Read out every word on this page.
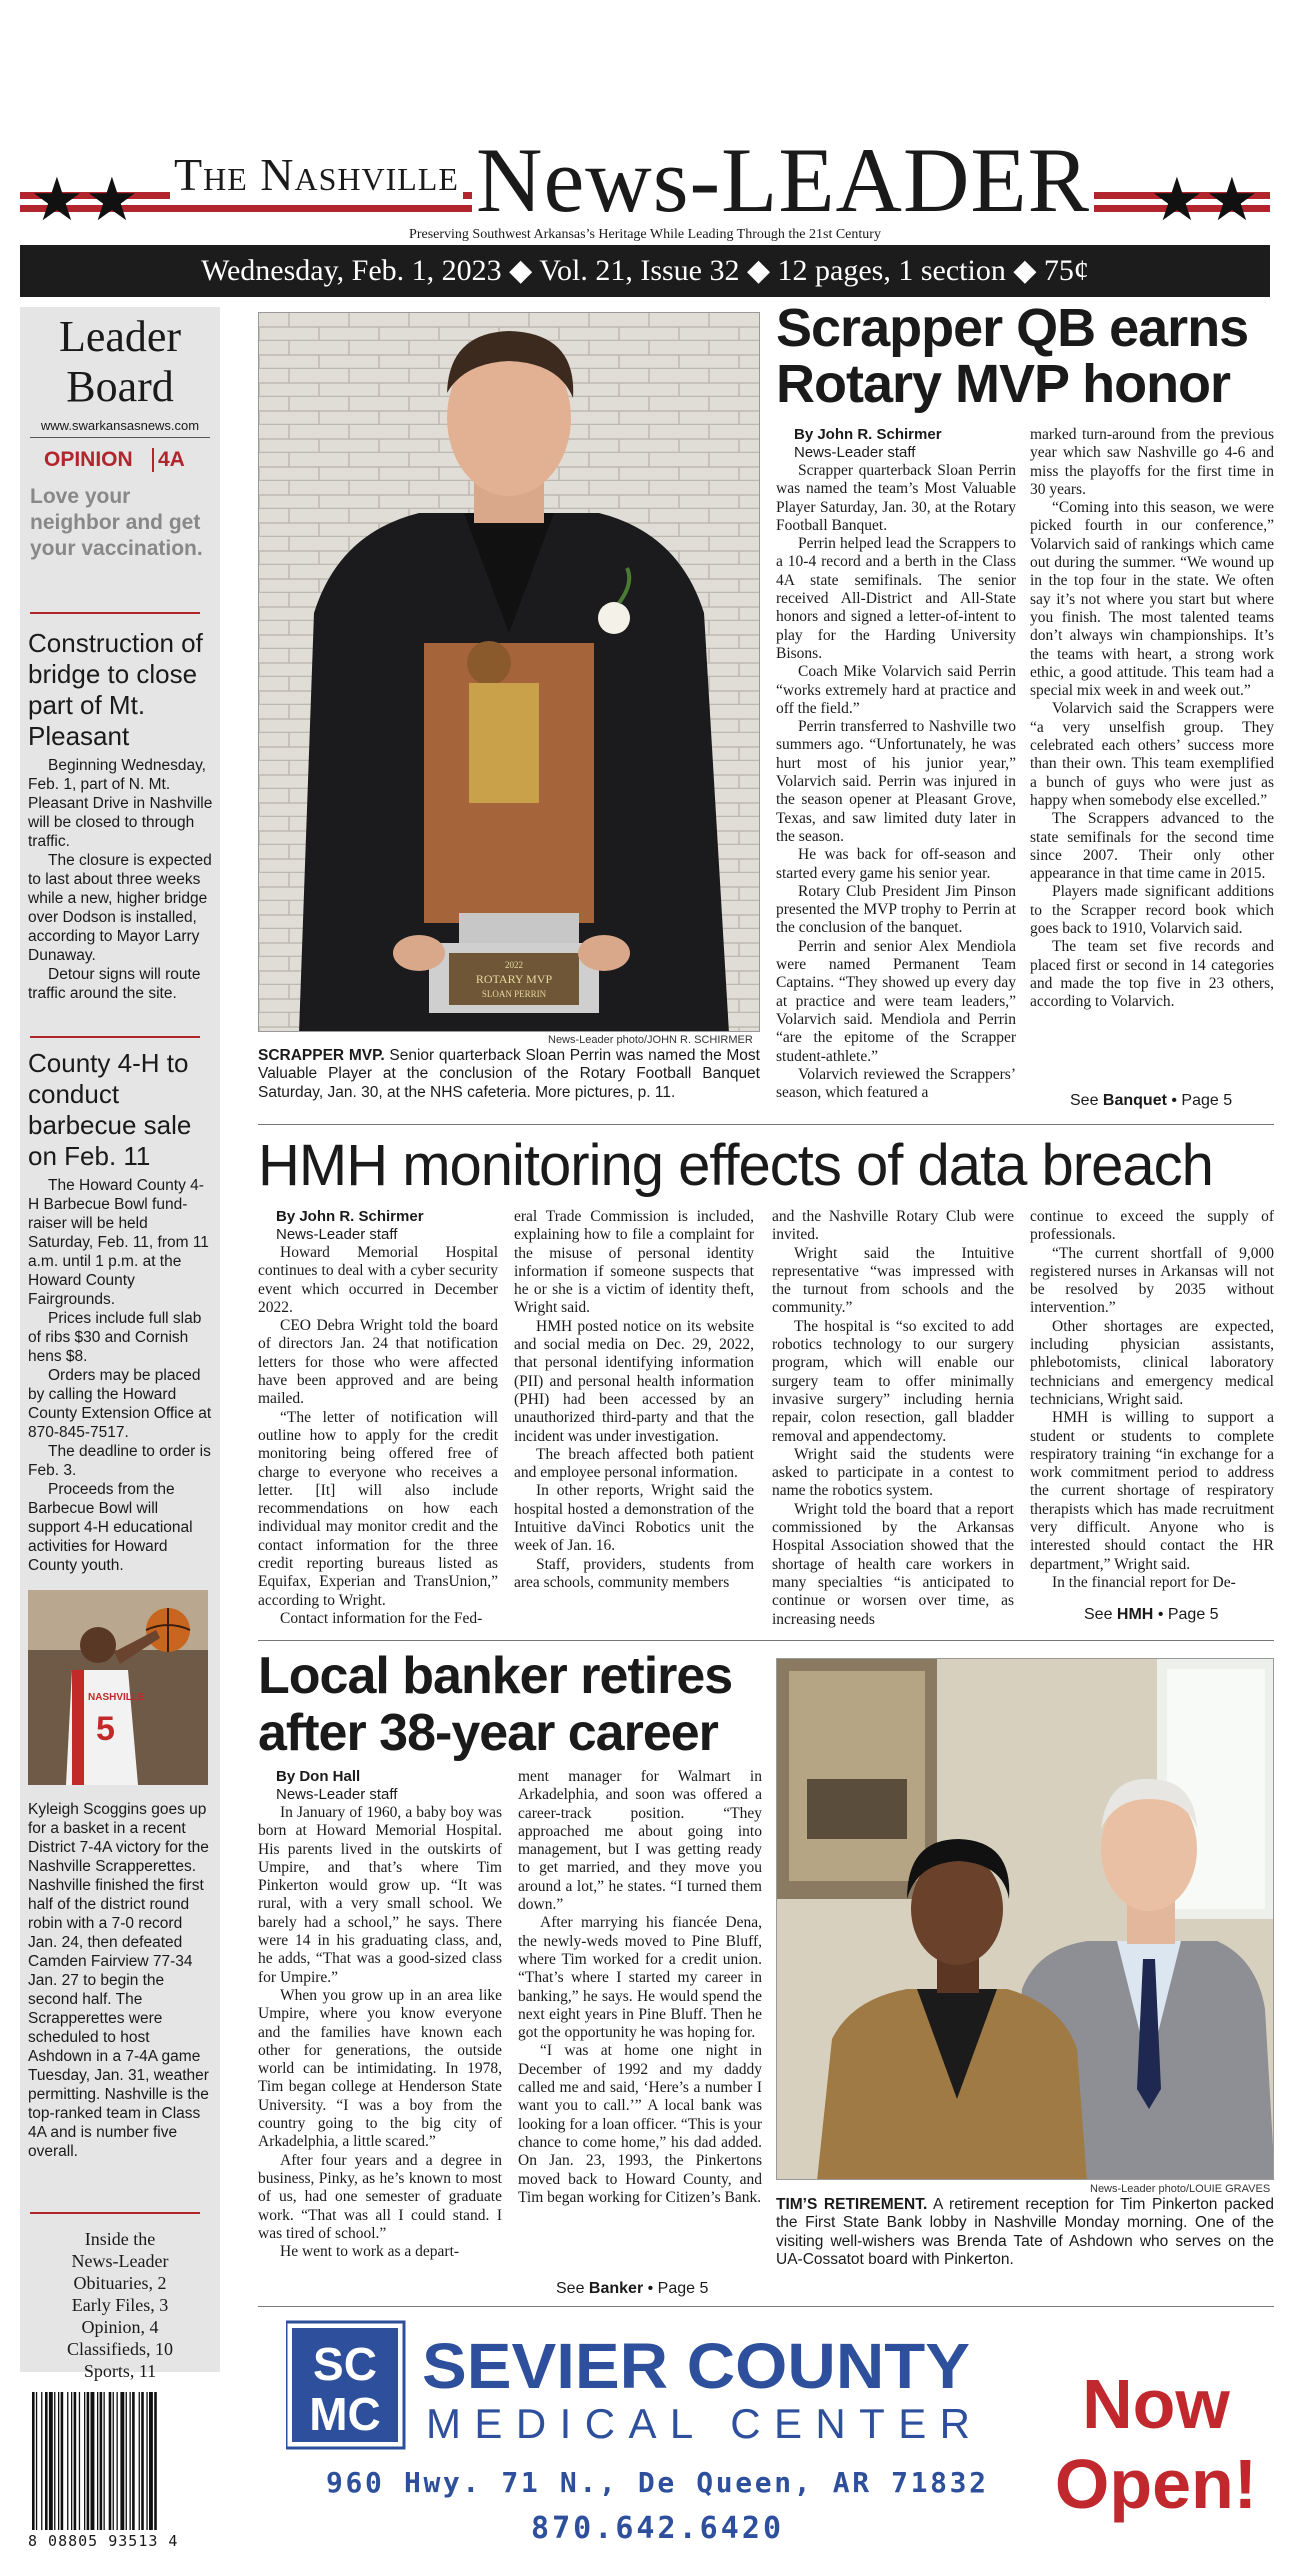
★ ★	★ ★
The Nashville News-LEADER
Preserving Southwest Arkansas’s Heritage While Leading Through the 21st Century
Wednesday, Feb. 1, 2023 ◆ Vol. 21, Issue 32 ◆ 12 pages, 1 section ◆ 75¢
Leader Board
www.swarkansasnews.com
OPINION 4A
Love your neighbor and get your vaccination.
Construction of bridge to close part of Mt. Pleasant

Beginning Wednesday, Feb. 1, part of N. Mt. Pleasant Drive in Nashville will be closed to through traffic.

The closure is expected to last about three weeks while a new, higher bridge over Dodson is installed, according to Mayor Larry Dunaway.

Detour signs will route traffic around the site.

County 4-H to conduct barbecue sale on Feb. 11

The Howard County 4-H Barbecue Bowl fund-raiser will be held Saturday, Feb. 11, from 11 a.m. until 1 p.m. at the Howard County Fairgrounds.

Prices include full slab of ribs $30 and Cornish hens $8.

Orders may be placed by calling the Howard County Extension Office at 870-845-7517.

The deadline to order is Feb. 3.

Proceeds from the Barbecue Bowl will support 4-H educational activities for Howard County youth.

NASHVILLE
5
Kyleigh Scoggins goes up for a basket in a recent District 7-4A victory for the Nashville Scrapperettes. Nashville finished the first half of the district round robin with a 7-0 record Jan. 24, then defeated Camden Fairview 77-34 Jan. 27 to begin the second half. The Scrapperettes were scheduled to host Ashdown in a 7-4A game Tuesday, Jan. 31, weather permitting. Nashville is the top-ranked team in Class 4A and is number five overall.
Inside the News-Leader
Obituaries, 2
Early Files, 3
Opinion, 4
Classifieds, 10
Sports, 11
8 08805 93513 4
2022
ROTARY MVP
SLOAN PERRIN
News-Leader photo/JOHN R. SCHIRMER
SCRAPPER MVP. Senior quarterback Sloan Perrin was named the Most Valuable Player at the conclusion of the Rotary Football Banquet Saturday, Jan. 30, at the NHS cafeteria. More pictures, p. 11.
Scrapper QB earns Rotary MVP honor

By John R. Schirmer

News-Leader staff

Scrapper quarterback Sloan Perrin was named the team’s Most Valuable Player Saturday, Jan. 30, at the Rotary Football Banquet.

Perrin helped lead the Scrappers to a 10-4 record and a berth in the Class 4A state semifinals. The senior received All-District and All-State honors and signed a letter-of-intent to play for the Harding University Bisons.

Coach Mike Volarvich said Perrin “works extremely hard at practice and off the field.”

Perrin transferred to Nashville two summers ago. “Unfortunately, he was hurt most of his junior year,” Volarvich said. Perrin was injured in the season opener at Pleasant Grove, Texas, and saw limited duty later in the season.

He was back for off-season and started every game his senior year.

Rotary Club President Jim Pinson presented the MVP trophy to Perrin at the conclusion of the banquet.

Perrin and senior Alex Mendiola were named Permanent Team Captains. “They showed up every day at practice and were team leaders,” Volarvich said. Mendiola and Perrin “are the epitome of the Scrapper student-athlete.”

Volarvich reviewed the Scrappers’ season, which featured a

marked turn-around from the previous year which saw Nashville go 4-6 and miss the playoffs for the first time in 30 years.

“Coming into this season, we were picked fourth in our conference,” Volarvich said of rankings which came out during the summer. “We wound up in the top four in the state. We often say it’s not where you start but where you finish. The most talented teams don’t always win championships. It’s the teams with heart, a strong work ethic, a good attitude. This team had a special mix week in and week out.”

Volarvich said the Scrappers were “a very unselfish group. They celebrated each others’ success more than their own. This team exemplified a bunch of guys who were just as happy when somebody else excelled.”

The Scrappers advanced to the state semifinals for the second time since 2007. Their only other appearance in that time came in 2015.

Players made significant additions to the Scrapper record book which goes back to 1910, Volarvich said.

The team set five records and placed first or second in 14 categories and made the top five in 23 others, according to Volarvich.

See Banquet • Page 5
HMH monitoring effects of data breach

By John R. Schirmer

News-Leader staff

Howard Memorial Hospital continues to deal with a cyber security event which occurred in December 2022.

CEO Debra Wright told the board of directors Jan. 24 that notification letters for those who were affected have been approved and are being mailed.

“The letter of notification will outline how to apply for the credit monitoring being offered free of charge to everyone who receives a letter. [It] will also include recommendations on how each individual may monitor credit and the contact information for the three credit reporting bureaus listed as Equifax, Experian and TransUnion,” according to Wright.

Contact information for the Fed-

eral Trade Commission is included, explaining how to file a complaint for the misuse of personal identity information if someone suspects that he or she is a victim of identity theft, Wright said.

HMH posted notice on its website and social media on Dec. 29, 2022, that personal identifying information (PII) and personal health information (PHI) had been accessed by an unauthorized third-party and that the incident was under investigation.

The breach affected both patient and employee personal information.

In other reports, Wright said the hospital hosted a demonstration of the Intuitive daVinci Robotics unit the week of Jan. 16.

Staff, providers, students from area schools, community members

and the Nashville Rotary Club were invited.

Wright said the Intuitive representative “was impressed with the turnout from schools and the community.”

The hospital is “so excited to add robotics technology to our surgery program, which will enable our surgery team to offer minimally invasive surgery” including hernia repair, colon resection, gall bladder removal and appendectomy.

Wright said the students were asked to participate in a contest to name the robotics system.

Wright told the board that a report commissioned by the Arkansas Hospital Association showed that the shortage of health care workers in many specialties “is anticipated to continue or worsen over time, as increasing needs

continue to exceed the supply of professionals.

“The current shortfall of 9,000 registered nurses in Arkansas will not be resolved by 2035 without intervention.”

Other shortages are expected, including physician assistants, phlebotomists, clinical laboratory technicians and emergency medical technicians, Wright said.

HMH is willing to support a student or students to complete respiratory training “in exchange for a work commitment period to address the current shortage of respiratory therapists which has made recruitment very difficult. Anyone who is interested should contact the HR department,” Wright said.

In the financial report for De-

See HMH • Page 5
Local banker retires after 38-year career

By Don Hall

News-Leader staff

In January of 1960, a baby boy was born at Howard Memorial Hospital. His parents lived in the outskirts of Umpire, and that’s where Tim Pinkerton would grow up. “It was rural, with a very small school. We barely had a school,” he says. There were 14 in his graduating class, and, he adds, “That was a good-sized class for Umpire.”

When you grow up in an area like Umpire, where you know everyone and the families have known each other for generations, the outside world can be intimidating. In 1978, Tim began college at Henderson State University. “I was a boy from the country going to the big city of Arkadelphia, a little scared.”

After four years and a degree in business, Pinky, as he’s known to most of us, had one semester of graduate work. “That was all I could stand. I was tired of school.”

He went to work as a depart-

ment manager for Walmart in Arkadelphia, and soon was offered a career-track position. “They approached me about going into management, but I was getting ready to get married, and they move you around a lot,” he states. “I turned them down.”

After marrying his fiancée Dena, the newly-weds moved to Pine Bluff, where Tim worked for a credit union. “That’s where I started my career in banking,” he says. He would spend the next eight years in Pine Bluff. Then he got the opportunity he was hoping for.

“I was at home one night in December of 1992 and my daddy called me and said, ‘Here’s a number I want you to call.’” A local bank was looking for a loan officer. “This is your chance to come home,” his dad added. On Jan. 23, 1993, the Pinkertons moved back to Howard County, and Tim began working for Citizen’s Bank.

See Banker • Page 5
News-Leader photo/LOUIE GRAVES
TIM’S RETIREMENT. A retirement reception for Tim Pinkerton packed the First State Bank lobby in Nashville Monday morning. One of the visiting well-wishers was Brenda Tate of Ashdown who serves on the UA-Cossatot board with Pinkerton.
SC
MC
SEVIER COUNTY
MEDICAL CENTER
960 Hwy. 71 N., De Queen, AR 71832
870.642.6420
Now
Open!
